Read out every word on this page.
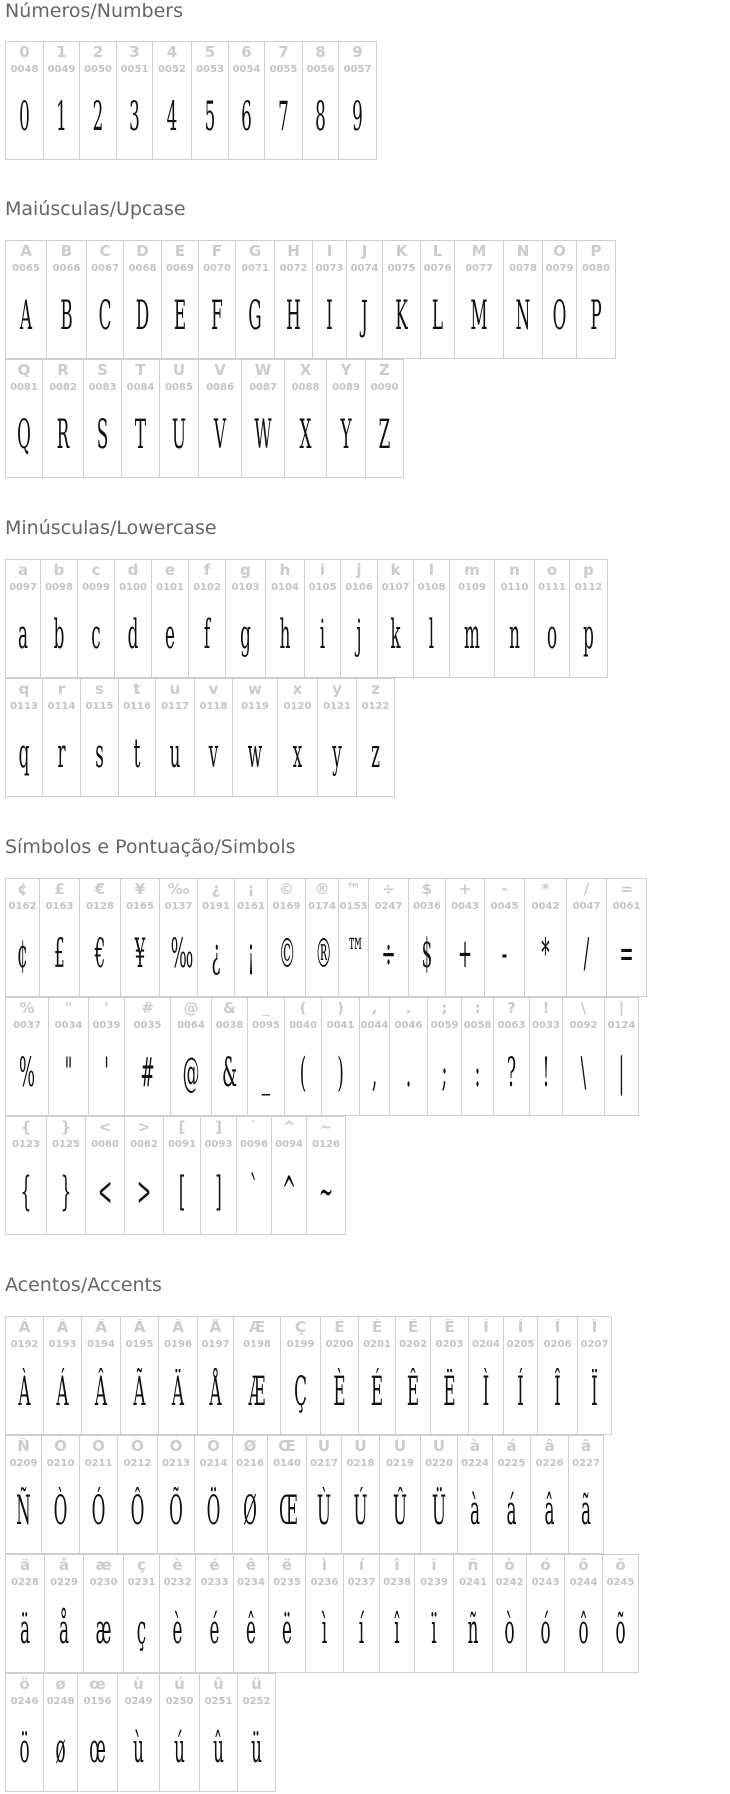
Números/Numbers
Maiúsculas/Upcase
Minúsculas/Lowercase
Símbolos e Pontuação/Simbols
Acentos/Accents
0
0048
0
1
0049
1
2
0050
2
3
0051
3
4
0052
4
5
0053
5
6
0054
6
7
0055
7
8
0056
8
9
0057
9
A
0065
A
B
0066
B
C
0067
C
D
0068
D
E
0069
E
F
0070
F
G
0071
G
H
0072
H
I
0073
I
J
0074
J
K
0075
K
L
0076
L
M
0077
M
N
0078
N
O
0079
O
P
0080
P
Q
0081
Q
R
0082
R
S
0083
S
T
0084
T
U
0085
U
V
0086
V
W
0087
W
X
0088
X
Y
0089
Y
Z
0090
Z
a
0097
a
b
0098
b
c
0099
c
d
0100
d
e
0101
e
f
0102
f
g
0103
g
h
0104
h
i
0105
i
j
0106
j
k
0107
k
l
0108
l
m
0109
m
n
0110
n
o
0111
o
p
0112
p
q
0113
q
r
0114
r
s
0115
s
t
0116
t
u
0117
u
v
0118
v
w
0119
w
x
0120
x
y
0121
y
z
0122
z
¢
0162
¢
£
0163
£
€
0128
€
¥
0165
¥
‰
0137
‰
¿
0191
¿
¡
0161
¡
©
0169
©
®
0174
®
™
0153
™
÷
0247
÷
$
0036
$
+
0043
+
-
0045
-
*
0042
*
/
0047
/
=
0061
=
%
0037
%
"
0034
"
'
0039
'
#
0035
#
@
0064
@
&
0038
&
_
0095
_
(
0040
(
)
0041
)
,
0044
,
.
0046
.
;
0059
;
:
0058
:
?
0063
?
!
0033
!
\
0092
\
|
0124
|
{
0123
{
}
0125
}
<
0060
<
>
0062
>
[
0091
[
]
0093
]
`
0096
`
^
0094
^
~
0126
~
À
0192
À
Á
0193
Á
Â
0194
Â
Ã
0195
Ã
Ä
0196
Ä
Å
0197
Å
Æ
0198
Æ
Ç
0199
Ç
È
0200
È
É
0201
É
Ê
0202
Ê
Ë
0203
Ë
Ì
0204
Ì
Í
0205
Í
Î
0206
Î
Ï
0207
Ï
Ñ
0209
Ñ
Ò
0210
Ò
Ó
0211
Ó
Ô
0212
Ô
Õ
0213
Õ
Ö
0214
Ö
Ø
0216
Ø
Œ
0140
Œ
Ù
0217
Ù
Ú
0218
Ú
Û
0219
Û
Ü
0220
Ü
à
0224
à
á
0225
á
â
0226
â
ã
0227
ã
ä
0228
ä
å
0229
å
æ
0230
æ
ç
0231
ç
è
0232
è
é
0233
é
ê
0234
ê
ë
0235
ë
ì
0236
ì
í
0237
í
î
0238
î
ï
0239
ï
ñ
0241
ñ
ò
0242
ò
ó
0243
ó
ô
0244
ô
õ
0245
õ
ö
0246
ö
ø
0248
ø
œ
0156
œ
ù
0249
ù
ú
0250
ú
û
0251
û
ü
0252
ü
